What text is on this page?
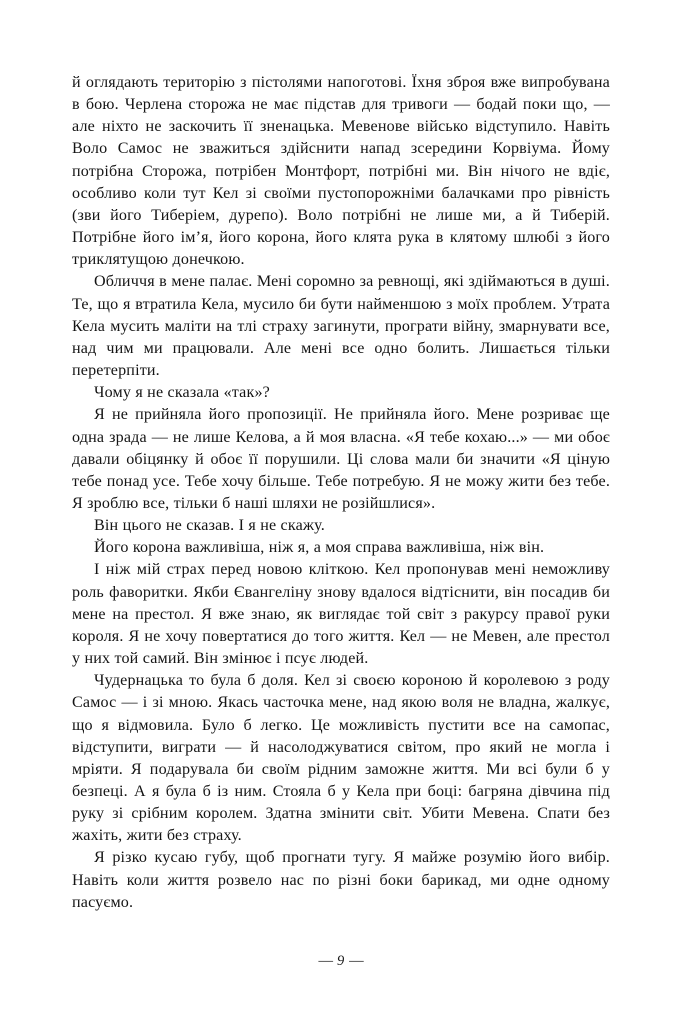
й оглядають територію з пістолями напоготові. Їхня зброя вже випробувана в бою. Черлена сторожа не має підстав для тривоги — бодай поки що, — але ніхто не заскочить її зненацька. Мевенове військо відступило. Навіть Воло Самос не зважиться здійснити напад зсередини Корвіума. Йому потрібна Сторожа, потрібен Монтфорт, потрібні ми. Він нічого не вдіє, особливо коли тут Кел зі своїми пустопорожніми балачками про рівність (зви його Тиберіем, дурепо). Воло потрібні не лише ми, а й Тиберій. Потрібне його ім’я, його корона, його клята рука в клятому шлюбі з його триклятущою донечкою.

Обличчя в мене палає. Мені соромно за ревнощі, які здіймаються в душі. Те, що я втратила Кела, мусило би бути найменшою з моїх проблем. Утрата Кела мусить маліти на тлі страху загинути, програти війну, змарнувати все, над чим ми працювали. Але мені все одно болить. Лишається тільки перетерпіти.

Чому я не сказала «так»?

Я не прийняла його пропозиції. Не прийняла його. Мене розриває ще одна зрада — не лише Келова, а й моя власна. «Я тебе кохаю...» — ми обоє давали обіцянку й обоє її порушили. Ці слова мали би значити «Я ціную тебе понад усе. Тебе хочу більше. Тебе потребую. Я не можу жити без тебе. Я зроблю все, тільки б наші шляхи не розійшлися».

Він цього не сказав. І я не скажу.

Його корона важливіша, ніж я, а моя справа важливіша, ніж він.

І ніж мій страх перед новою кліткою. Кел пропонував мені неможливу роль фаворитки. Якби Євангеліну знову вдалося відтіснити, він посадив би мене на престол. Я вже знаю, як виглядає той світ з ракурсу правої руки короля. Я не хочу повертатися до того життя. Кел — не Мевен, але престол у них той самий. Він змінює і псує людей.

Чудернацька то була б доля. Кел зі своєю короною й королевою з роду Самос — і зі мною. Якась часточка мене, над якою воля не владна, жалкує, що я відмовила. Було б легко. Це можливість пустити все на самопас, відступити, виграти — й насолоджуватися світом, про який не могла і мріяти. Я подарувала би своїм рідним заможне життя. Ми всі були б у безпеці. А я була б із ним. Стояла б у Кела при боці: багряна дівчина під руку зі срібним королем. Здатна змінити світ. Убити Мевена. Спати без жахіть, жити без страху.

Я різко кусаю губу, щоб прогнати тугу. Я майже розумію його вибір. Навіть коли життя розвело нас по різні боки барикад, ми одне одному пасуємо.

— 9 —
